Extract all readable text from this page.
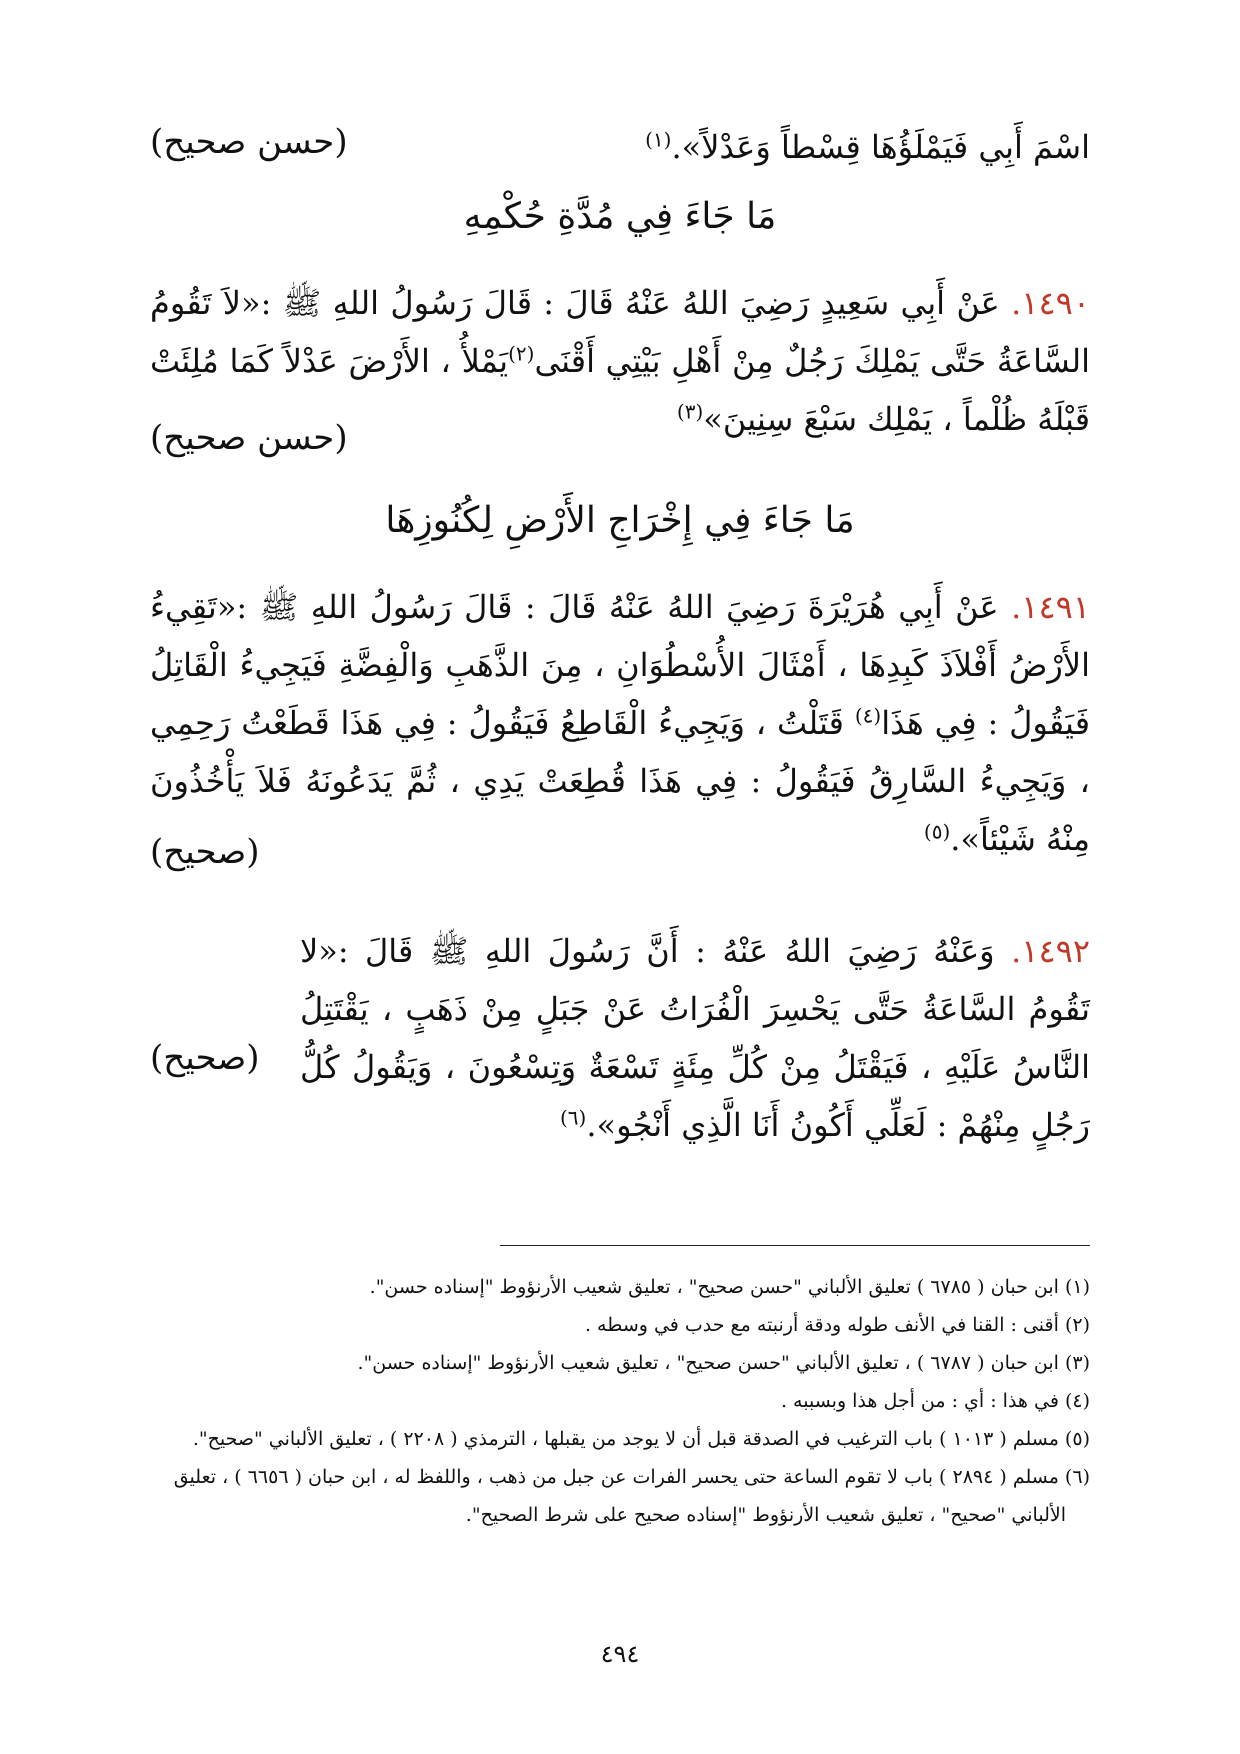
اسْمَ أَبِي فَيَمْلَؤُهَا قِسْطاً وَعَدْلاً».$^{(١)}$
(حسن صحيح)
مَا جَاءَ فِي مُدَّةِ حُكْمِهِ
١٤٩٠. عَنْ أَبِي سَعِيدٍ رَضِيَ اللهُ عَنْهُ قَالَ : قَالَ رَسُولُ اللهِ ﷺ :«لاَ تَقُومُ السَّاعَةُ حَتَّى يَمْلِكَ رَجُلٌ مِنْ أَهْلِ بَيْتِي أَقْنَى$^{(٢)}$يَمْلأُ ، الأَرْضَ عَدْلاً كَمَا مُلِئَتْ قَبْلَهُ ظُلْماً ، يَمْلِك سَبْعَ سِنِينَ»$^{(٣)}$
(حسن صحيح)
مَا جَاءَ فِي إِخْرَاجِ الأَرْضِ لِكُنُوزِهَا
١٤٩١. عَنْ أَبِي هُرَيْرَةَ رَضِيَ اللهُ عَنْهُ قَالَ : قَالَ رَسُولُ اللهِ ﷺ :«تَقِيءُ الأَرْضُ أَفْلاَذَ كَبِدِهَا ، أَمْثَالَ الأُسْطُوَانِ ، مِنَ الذَّهَبِ وَالْفِضَّةِ فَيَجِيءُ الْقَاتِلُ فَيَقُولُ : فِي هَذَا$^{(٤)}$ قَتَلْتُ ، وَيَجِيءُ الْقَاطِعُ فَيَقُولُ : فِي هَذَا قَطَعْتُ رَحِمِي ، وَيَجِيءُ السَّارِقُ فَيَقُولُ : فِي هَذَا قُطِعَتْ يَدِي ، ثُمَّ يَدَعُونَهُ فَلاَ يَأْخُذُونَ مِنْهُ شَيْئاً».$^{(٥)}$
(صحيح)
١٤٩٢. وَعَنْهُ رَضِيَ اللهُ عَنْهُ : أَنَّ رَسُولَ اللهِ ﷺ قَالَ :«لا تَقُومُ السَّاعَةُ حَتَّى يَحْسِرَ الْفُرَاتُ عَنْ جَبَلٍ مِنْ ذَهَبٍ ، يَقْتَتِلُ النَّاسُ عَلَيْهِ ، فَيَقْتَلُ مِنْ كُلِّ مِئَةٍ تَسْعَةٌ وَتِسْعُونَ ، وَيَقُولُ كُلُّ رَجُلٍ مِنْهُمْ : لَعَلِّي أَكُونُ أَنَا الَّذِي أَنْجُو».$^{(٦)}$
(صحيح)
(١) ابن حبان ( ٦٧٨٥ ) تعليق الألباني "حسن صحيح" ، تعليق شعيب الأرنؤوط "إسناده حسن".
(٢) أقنى : القنا في الأنف طوله ودقة أرنبته مع حدب في وسطه .
(٣) ابن حبان ( ٦٧٨٧ ) ، تعليق الألباني "حسن صحيح" ، تعليق شعيب الأرنؤوط "إسناده حسن".
(٤) في هذا : أي : من أجل هذا وبسببه .
(٥) مسلم ( ١٠١٣ ) باب الترغيب في الصدقة قبل أن لا يوجد من يقبلها ، الترمذي ( ٢٢٠٨ ) ، تعليق الألباني "صحيح".
(٦) مسلم ( ٢٨٩٤ ) باب لا تقوم الساعة حتى يحسر الفرات عن جبل من ذهب ، واللفظ له ، ابن حبان ( ٦٦٥٦ ) ، تعليق
الألباني "صحيح" ، تعليق شعيب الأرنؤوط "إسناده صحيح على شرط الصحيح".
٤٩٤
